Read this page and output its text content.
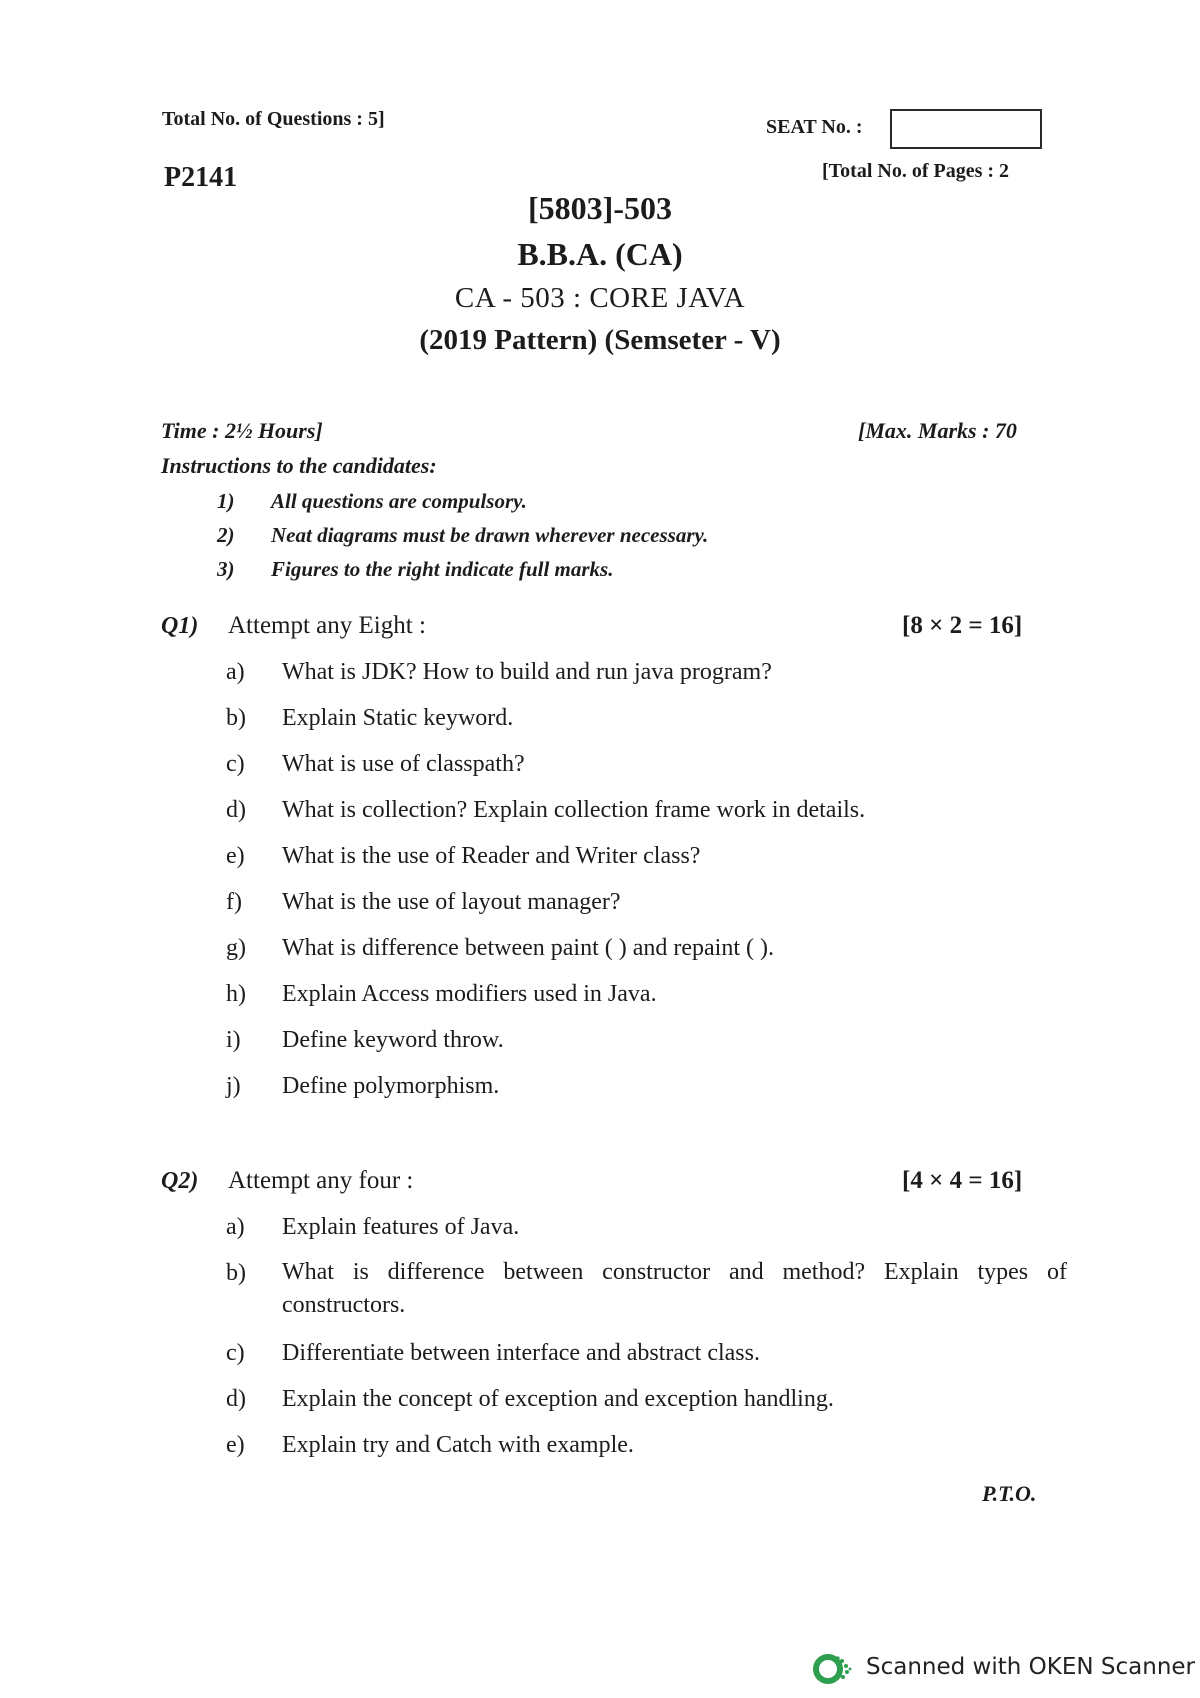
Total No. of Questions : 5]	SEAT No. :
P2141	[Total No. of Pages : 2
[5803]-503
B.B.A. (CA)
CA - 503 : CORE JAVA
(2019 Pattern) (Semseter - V)
Time : 2½ Hours]	[Max. Marks : 70
Instructions to the candidates:
1) All questions are compulsory.
2) Neat diagrams must be drawn wherever necessary.
3) Figures to the right indicate full marks.
Q1) Attempt any Eight :	[8 × 2 = 16]
a) What is JDK? How to build and run java program?
b) Explain Static keyword.
c) What is use of classpath?
d) What is collection? Explain collection frame work in details.
e) What is the use of Reader and Writer class?
f) What is the use of layout manager?
g) What is difference between paint ( ) and repaint ( ).
h) Explain Access modifiers used in Java.
i) Define keyword throw.
j) Define polymorphism.
Q2) Attempt any four :	[4 × 4 = 16]
a) Explain features of Java.
b) What is difference between constructor and method? Explain types of constructors.
c) Differentiate between interface and abstract class.
d) Explain the concept of exception and exception handling.
e) Explain try and Catch with example.
P.T.O.
Scanned with OKEN Scanner
